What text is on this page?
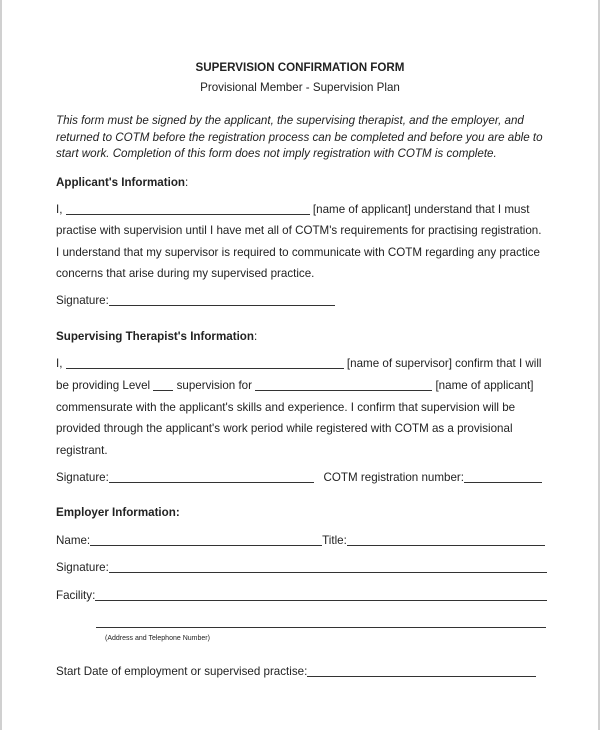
SUPERVISION CONFIRMATION FORM
Provisional Member - Supervision Plan
This form must be signed by the applicant, the supervising therapist, and the employer, and
returned to COTM before the registration process can be completed and before you are able to
start work. Completion of this form does not imply registration with COTM is complete.
Applicant's Information:
I,	[name of applicant] understand that I must
practise with supervision until I have met all of COTM's requirements for practising registration.
I understand that my supervisor is required to communicate with COTM regarding any practice
concerns that arise during my supervised practice.
Signature:
Supervising Therapist's Information:
I,	[name of supervisor] confirm that I will
be providing Level supervision for	[name of applicant]
commensurate with the applicant's skills and experience. I confirm that supervision will be
provided through the applicant's work period while registered with COTM as a provisional
registrant.
Signature:	COTM registration number:
Employer Information:
Name:	Title:
Signature:
Facility:
(Address and Telephone Number)
Start Date of employment or supervised practise:
